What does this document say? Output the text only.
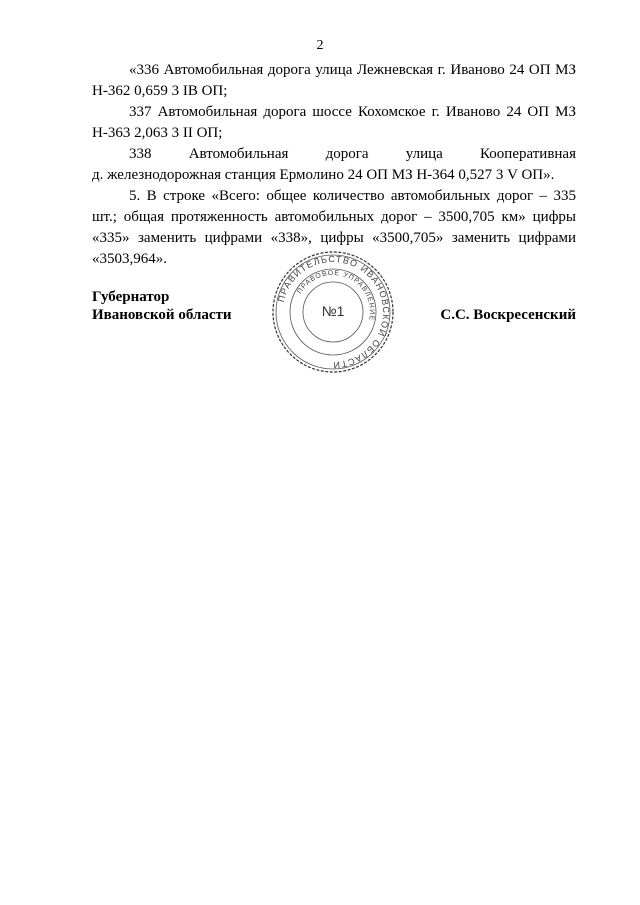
2

«336 Автомобильная дорога улица Лежневская г. Иваново 24 ОП МЗ Н-362 0,659 3 IВ ОП;

337 Автомобильная дорога шоссе Кохомское г. Иваново 24 ОП МЗ Н-363 2,063 3 II ОП;

338 Автомобильная дорога улица Кооперативная

д. железнодорожная станция Ермолино 24 ОП МЗ Н-364 0,527 3 V ОП».

5. В строке «Всего: общее количество автомобильных дорог – 335 шт.; общая протяженность автомобильных дорог – 3500,705 км» цифры «335» заменить цифрами «338», цифры «3500,705» заменить цифрами «3503,964».

Губернатор
Ивановской области	С.С. Воскресенский
ПРАВИТЕЛЬСТВО ИВАНОВСКОЙ ОБЛАСТИ
ПРАВОВОЕ УПРАВЛЕНИЕ
№1
